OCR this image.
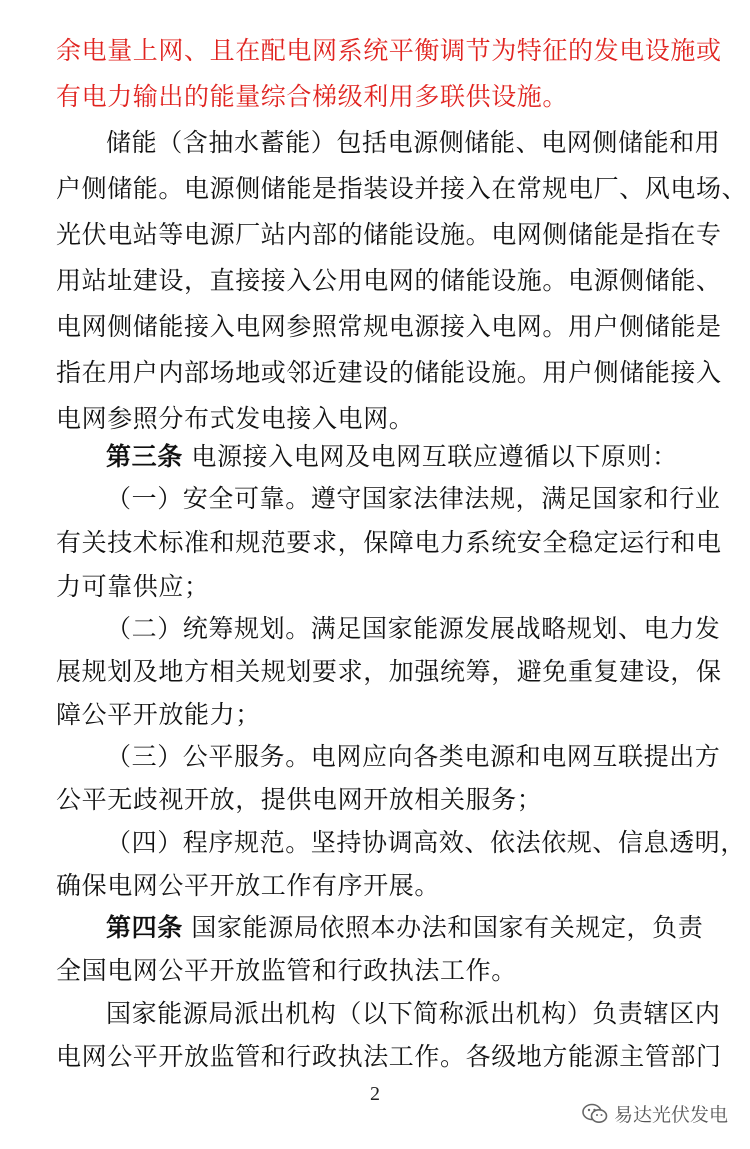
余电量上网、且在配电网系统平衡调节为特征的发电设施或
有电力输出的能量综合梯级利用多联供设施。
储能（含抽水蓄能）包括电源侧储能、电网侧储能和用
户侧储能。电源侧储能是指装设并接入在常规电厂、风电场、
光伏电站等电源厂站内部的储能设施。电网侧储能是指在专
用站址建设，直接接入公用电网的储能设施。电源侧储能、
电网侧储能接入电网参照常规电源接入电网。用户侧储能是
指在用户内部场地或邻近建设的储能设施。用户侧储能接入
电网参照分布式发电接入电网。
第三条 电源接入电网及电网互联应遵循以下原则：
（一）安全可靠。遵守国家法律法规，满足国家和行业
有关技术标准和规范要求，保障电力系统安全稳定运行和电
力可靠供应；
（二）统筹规划。满足国家能源发展战略规划、电力发
展规划及地方相关规划要求，加强统筹，避免重复建设，保
障公平开放能力；
（三）公平服务。电网应向各类电源和电网互联提出方
公平无歧视开放，提供电网开放相关服务；
（四）程序规范。坚持协调高效、依法依规、信息透明，
确保电网公平开放工作有序开展。
第四条 国家能源局依照本办法和国家有关规定，负责
全国电网公平开放监管和行政执法工作。
国家能源局派出机构（以下简称派出机构）负责辖区内
电网公平开放监管和行政执法工作。各级地方能源主管部门
2
易达光伏发电
